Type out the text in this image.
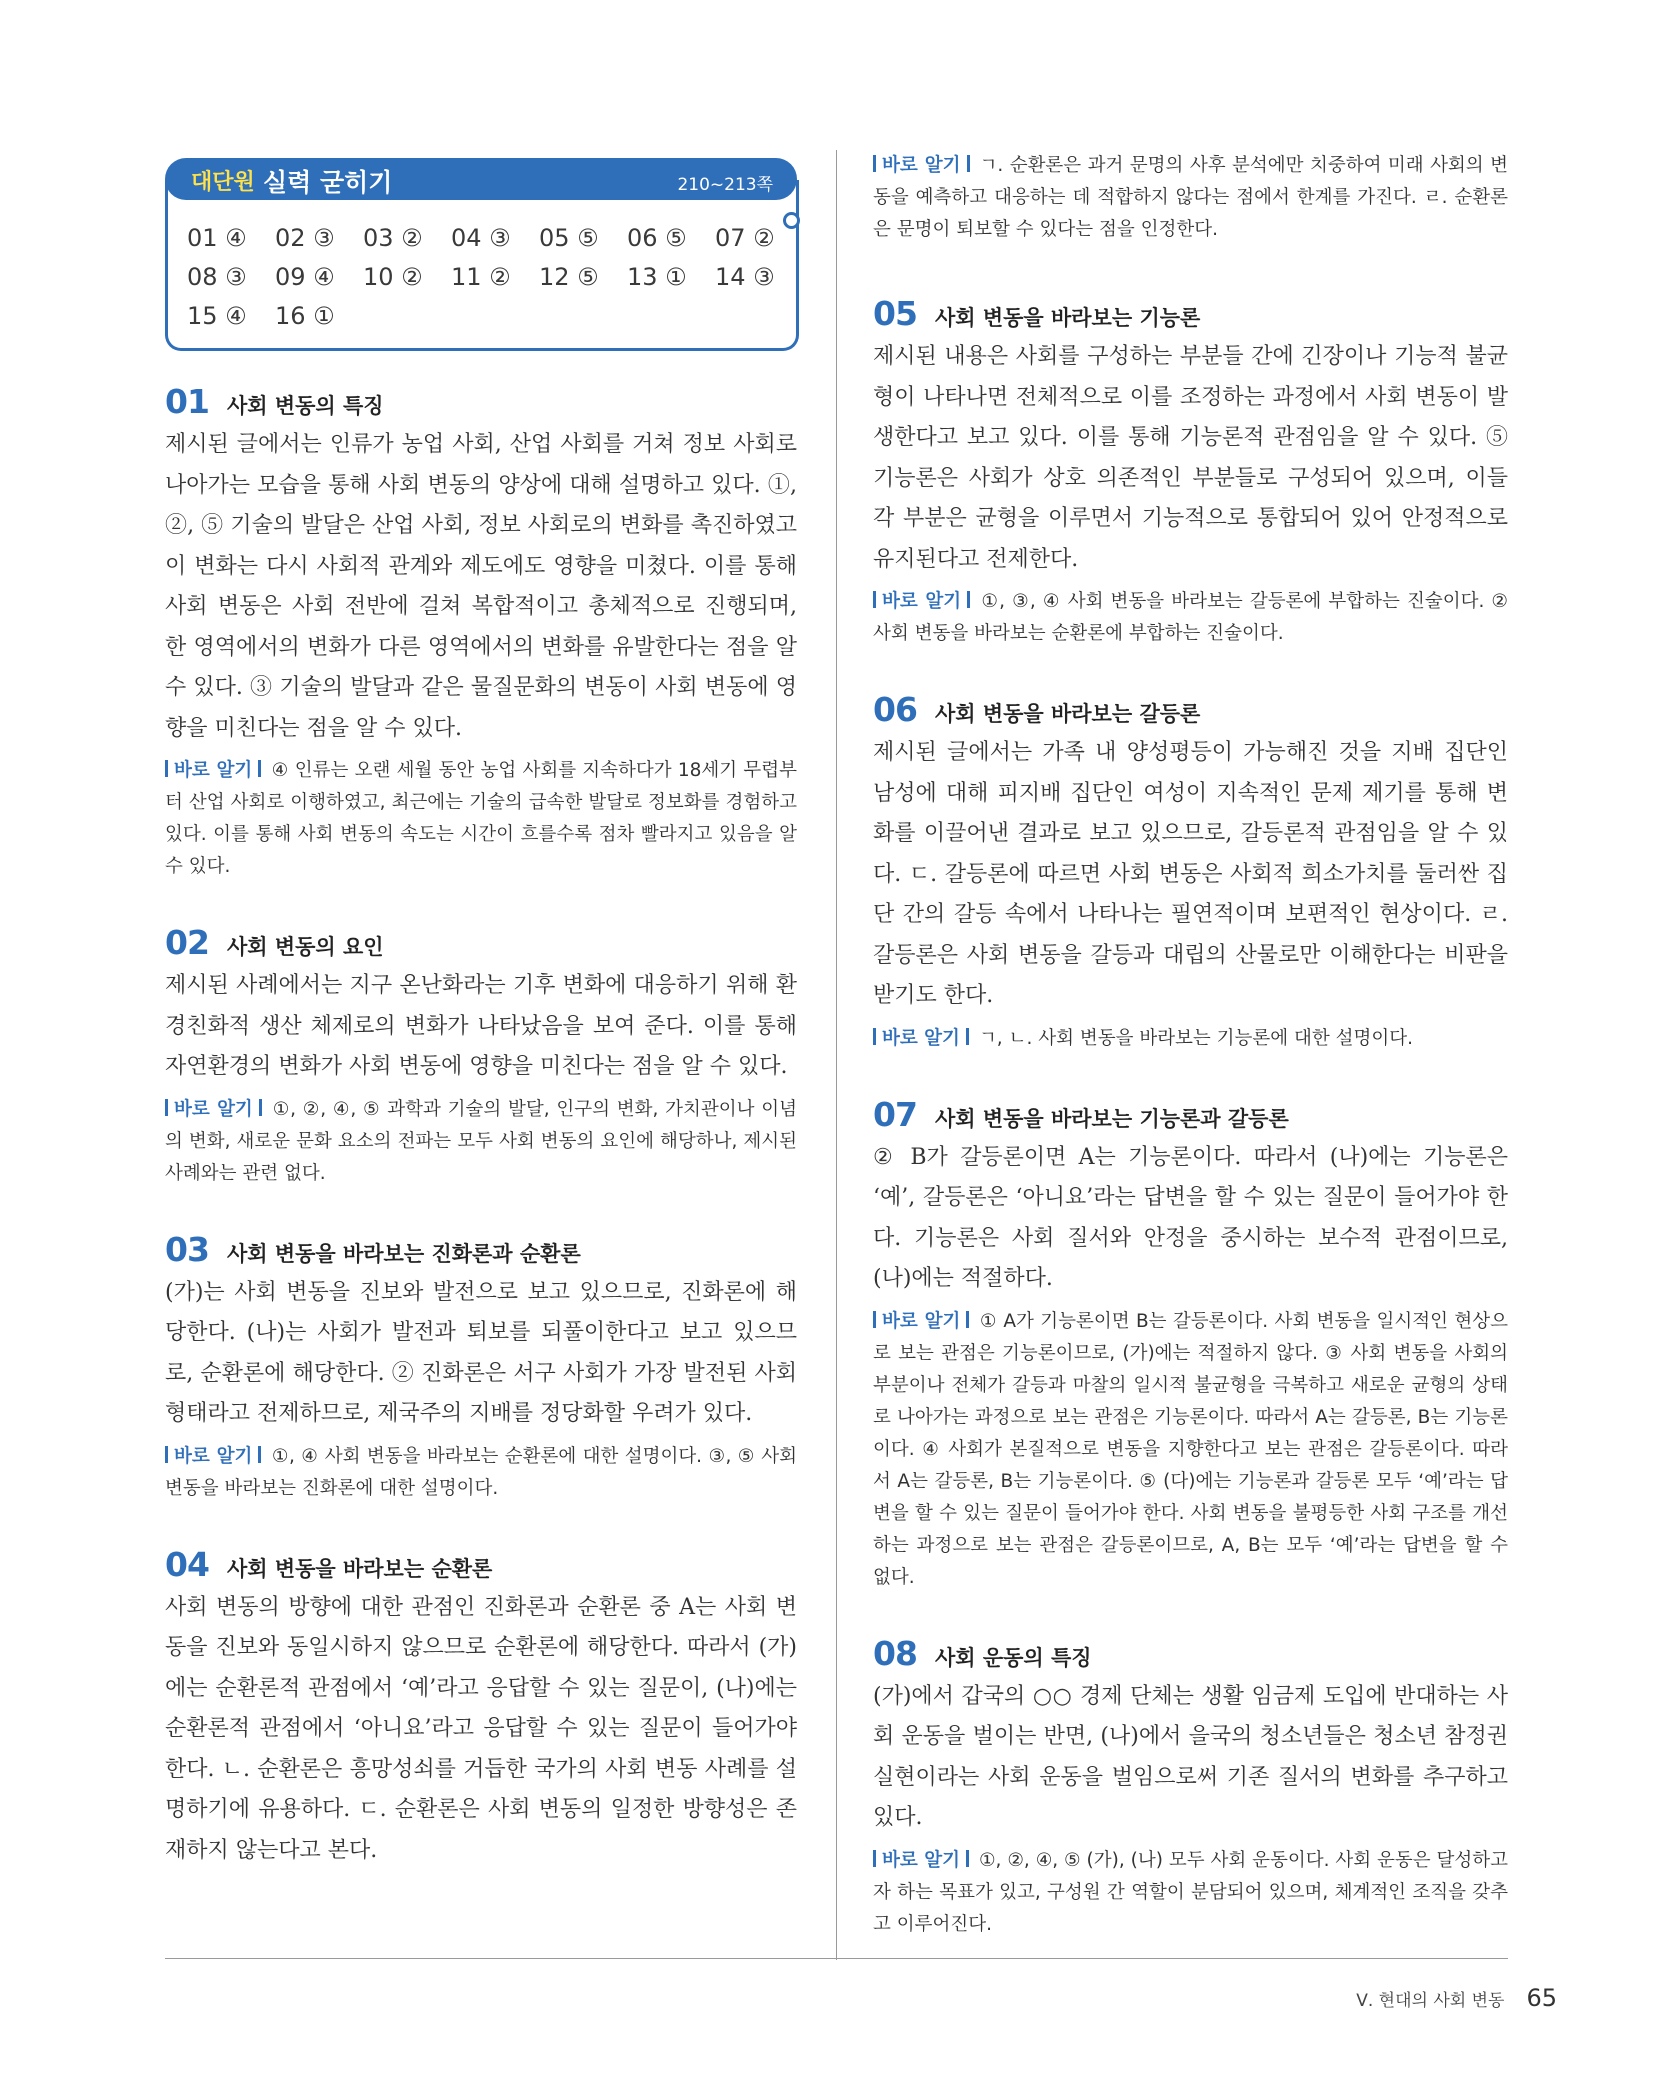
대단원 실력 굳히기	210~213쪽
01 ④	02 ③	03 ②	04 ③	05 ⑤	06 ⑤	07 ②
08 ③	09 ④	10 ②	11 ②	12 ⑤	13 ①	14 ③
15 ④	16 ①
01 사회 변동의 특징

제시된 글에서는 인류가 농업 사회, 산업 사회를 거쳐 정보 사회로 나아가는 모습을 통해 사회 변동의 양상에 대해 설명하고 있다. ①, ②, ⑤ 기술의 발달은 산업 사회, 정보 사회로의 변화를 촉진하였고 이 변화는 다시 사회적 관계와 제도에도 영향을 미쳤다. 이를 통해 사회 변동은 사회 전반에 걸쳐 복합적이고 총체적으로 진행되며, 한 영역에서의 변화가 다른 영역에서의 변화를 유발한다는 점을 알 수 있다. ③ 기술의 발달과 같은 물질문화의 변동이 사회 변동에 영향을 미친다는 점을 알 수 있다.

바로 알기 ④ 인류는 오랜 세월 동안 농업 사회를 지속하다가 18세기 무렵부터 산업 사회로 이행하였고, 최근에는 기술의 급속한 발달로 정보화를 경험하고 있다. 이를 통해 사회 변동의 속도는 시간이 흐를수록 점차 빨라지고 있음을 알 수 있다.

02 사회 변동의 요인

제시된 사례에서는 지구 온난화라는 기후 변화에 대응하기 위해 환경친화적 생산 체제로의 변화가 나타났음을 보여 준다. 이를 통해 자연환경의 변화가 사회 변동에 영향을 미친다는 점을 알 수 있다.

바로 알기 ①, ②, ④, ⑤ 과학과 기술의 발달, 인구의 변화, 가치관이나 이념의 변화, 새로운 문화 요소의 전파는 모두 사회 변동의 요인에 해당하나, 제시된 사례와는 관련 없다.

03 사회 변동을 바라보는 진화론과 순환론

(가)는 사회 변동을 진보와 발전으로 보고 있으므로, 진화론에 해당한다. (나)는 사회가 발전과 퇴보를 되풀이한다고 보고 있으므로, 순환론에 해당한다. ② 진화론은 서구 사회가 가장 발전된 사회 형태라고 전제하므로, 제국주의 지배를 정당화할 우려가 있다.

바로 알기 ①, ④ 사회 변동을 바라보는 순환론에 대한 설명이다. ③, ⑤ 사회 변동을 바라보는 진화론에 대한 설명이다.

04 사회 변동을 바라보는 순환론

사회 변동의 방향에 대한 관점인 진화론과 순환론 중 A는 사회 변동을 진보와 동일시하지 않으므로 순환론에 해당한다. 따라서 (가)에는 순환론적 관점에서 ‘예’라고 응답할 수 있는 질문이, (나)에는 순환론적 관점에서 ‘아니요’라고 응답할 수 있는 질문이 들어가야 한다. ㄴ. 순환론은 흥망성쇠를 거듭한 국가의 사회 변동 사례를 설명하기에 유용하다. ㄷ. 순환론은 사회 변동의 일정한 방향성은 존재하지 않는다고 본다.

바로 알기 ㄱ. 순환론은 과거 문명의 사후 분석에만 치중하여 미래 사회의 변동을 예측하고 대응하는 데 적합하지 않다는 점에서 한계를 가진다. ㄹ. 순환론은 문명이 퇴보할 수 있다는 점을 인정한다.

05 사회 변동을 바라보는 기능론

제시된 내용은 사회를 구성하는 부분들 간에 긴장이나 기능적 불균형이 나타나면 전체적으로 이를 조정하는 과정에서 사회 변동이 발생한다고 보고 있다. 이를 통해 기능론적 관점임을 알 수 있다. ⑤ 기능론은 사회가 상호 의존적인 부분들로 구성되어 있으며, 이들 각 부분은 균형을 이루면서 기능적으로 통합되어 있어 안정적으로 유지된다고 전제한다.

바로 알기 ①, ③, ④ 사회 변동을 바라보는 갈등론에 부합하는 진술이다. ② 사회 변동을 바라보는 순환론에 부합하는 진술이다.

06 사회 변동을 바라보는 갈등론

제시된 글에서는 가족 내 양성평등이 가능해진 것을 지배 집단인 남성에 대해 피지배 집단인 여성이 지속적인 문제 제기를 통해 변화를 이끌어낸 결과로 보고 있으므로, 갈등론적 관점임을 알 수 있다. ㄷ. 갈등론에 따르면 사회 변동은 사회적 희소가치를 둘러싼 집단 간의 갈등 속에서 나타나는 필연적이며 보편적인 현상이다. ㄹ. 갈등론은 사회 변동을 갈등과 대립의 산물로만 이해한다는 비판을 받기도 한다.

바로 알기 ㄱ, ㄴ. 사회 변동을 바라보는 기능론에 대한 설명이다.

07 사회 변동을 바라보는 기능론과 갈등론

② B가 갈등론이면 A는 기능론이다. 따라서 (나)에는 기능론은 ‘예’, 갈등론은 ‘아니요’라는 답변을 할 수 있는 질문이 들어가야 한다. 기능론은 사회 질서와 안정을 중시하는 보수적 관점이므로, (나)에는 적절하다.

바로 알기 ① A가 기능론이면 B는 갈등론이다. 사회 변동을 일시적인 현상으로 보는 관점은 기능론이므로, (가)에는 적절하지 않다. ③ 사회 변동을 사회의 부분이나 전체가 갈등과 마찰의 일시적 불균형을 극복하고 새로운 균형의 상태로 나아가는 과정으로 보는 관점은 기능론이다. 따라서 A는 갈등론, B는 기능론이다. ④ 사회가 본질적으로 변동을 지향한다고 보는 관점은 갈등론이다. 따라서 A는 갈등론, B는 기능론이다. ⑤ (다)에는 기능론과 갈등론 모두 ‘예’라는 답변을 할 수 있는 질문이 들어가야 한다. 사회 변동을 불평등한 사회 구조를 개선하는 과정으로 보는 관점은 갈등론이므로, A, B는 모두 ‘예’라는 답변을 할 수 없다.

08 사회 운동의 특징

(가)에서 갑국의 ○○ 경제 단체는 생활 임금제 도입에 반대하는 사회 운동을 벌이는 반면, (나)에서 을국의 청소년들은 청소년 참정권 실현이라는 사회 운동을 벌임으로써 기존 질서의 변화를 추구하고 있다.

바로 알기 ①, ②, ④, ⑤ (가), (나) 모두 사회 운동이다. 사회 운동은 달성하고자 하는 목표가 있고, 구성원 간 역할이 분담되어 있으며, 체계적인 조직을 갖추고 이루어진다.

Ⅴ. 현대의 사회 변동 65
